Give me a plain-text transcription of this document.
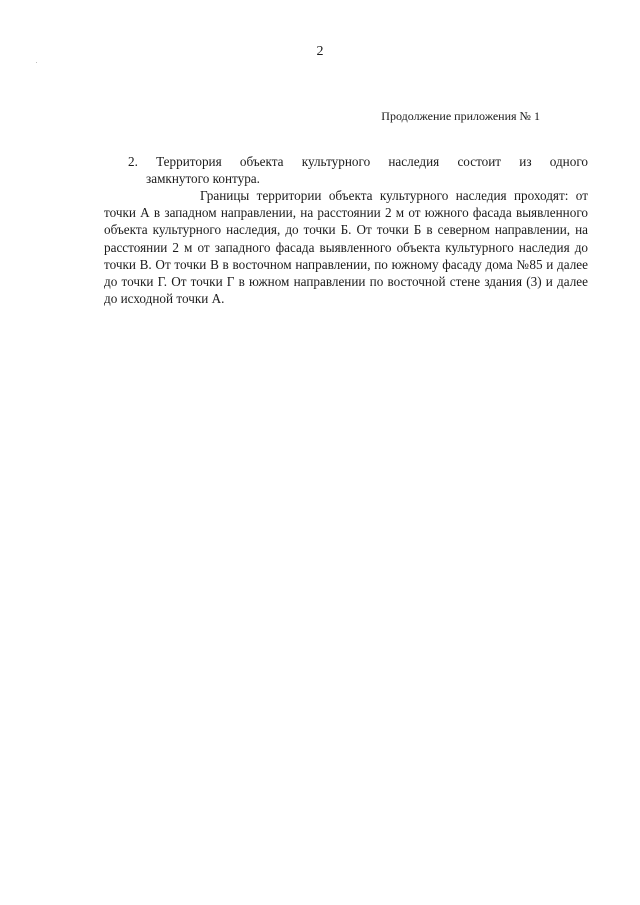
2
Продолжение приложения № 1
2. Территория объекта культурного наследия состоит из одного
замкнутого контура.
Границы территории объекта культурного наследия проходят: от точки А в западном направлении, на расстоянии 2 м от южного фасада выявленного объекта культурного наследия, до точки Б. От точки Б в северном направлении, на расстоянии 2 м от западного фасада выявленного объекта культурного наследия до точки В. От точки В в восточном направлении, по южному фасаду дома №85 и далее до точки Г. От точки Г в южном направлении по восточной стене здания (3) и далее до исходной точки А.
